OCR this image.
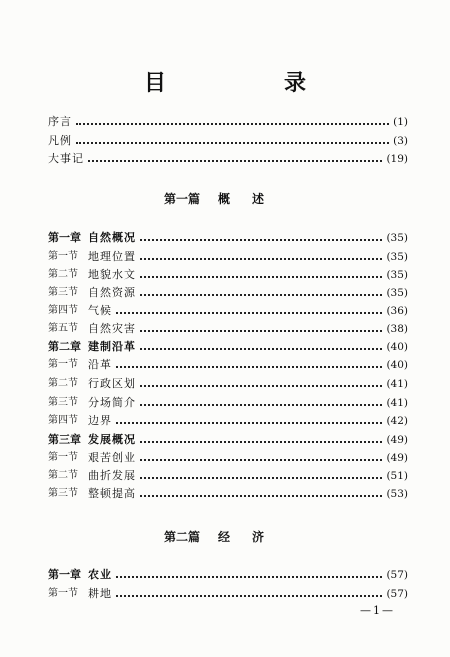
目　录
序言	(1)
凡例	(3)
大事记	(19)
第一篇 概述
第一章 自然概况	(35)
第一节 地理位置	(35)
第二节 地貌水文	(35)
第三节 自然资源	(35)
第四节 气候	(36)
第五节 自然灾害	(38)
第二章 建制沿革	(40)
第一节 沿革	(40)
第二节 行政区划	(41)
第三节 分场简介	(41)
第四节 边界	(42)
第三章 发展概况	(49)
第一节 艰苦创业	(49)
第二节 曲折发展	(51)
第三节 整顿提高	(53)
第二篇 经济
第一章 农业	(57)
第一节 耕地	(57)
—1—
